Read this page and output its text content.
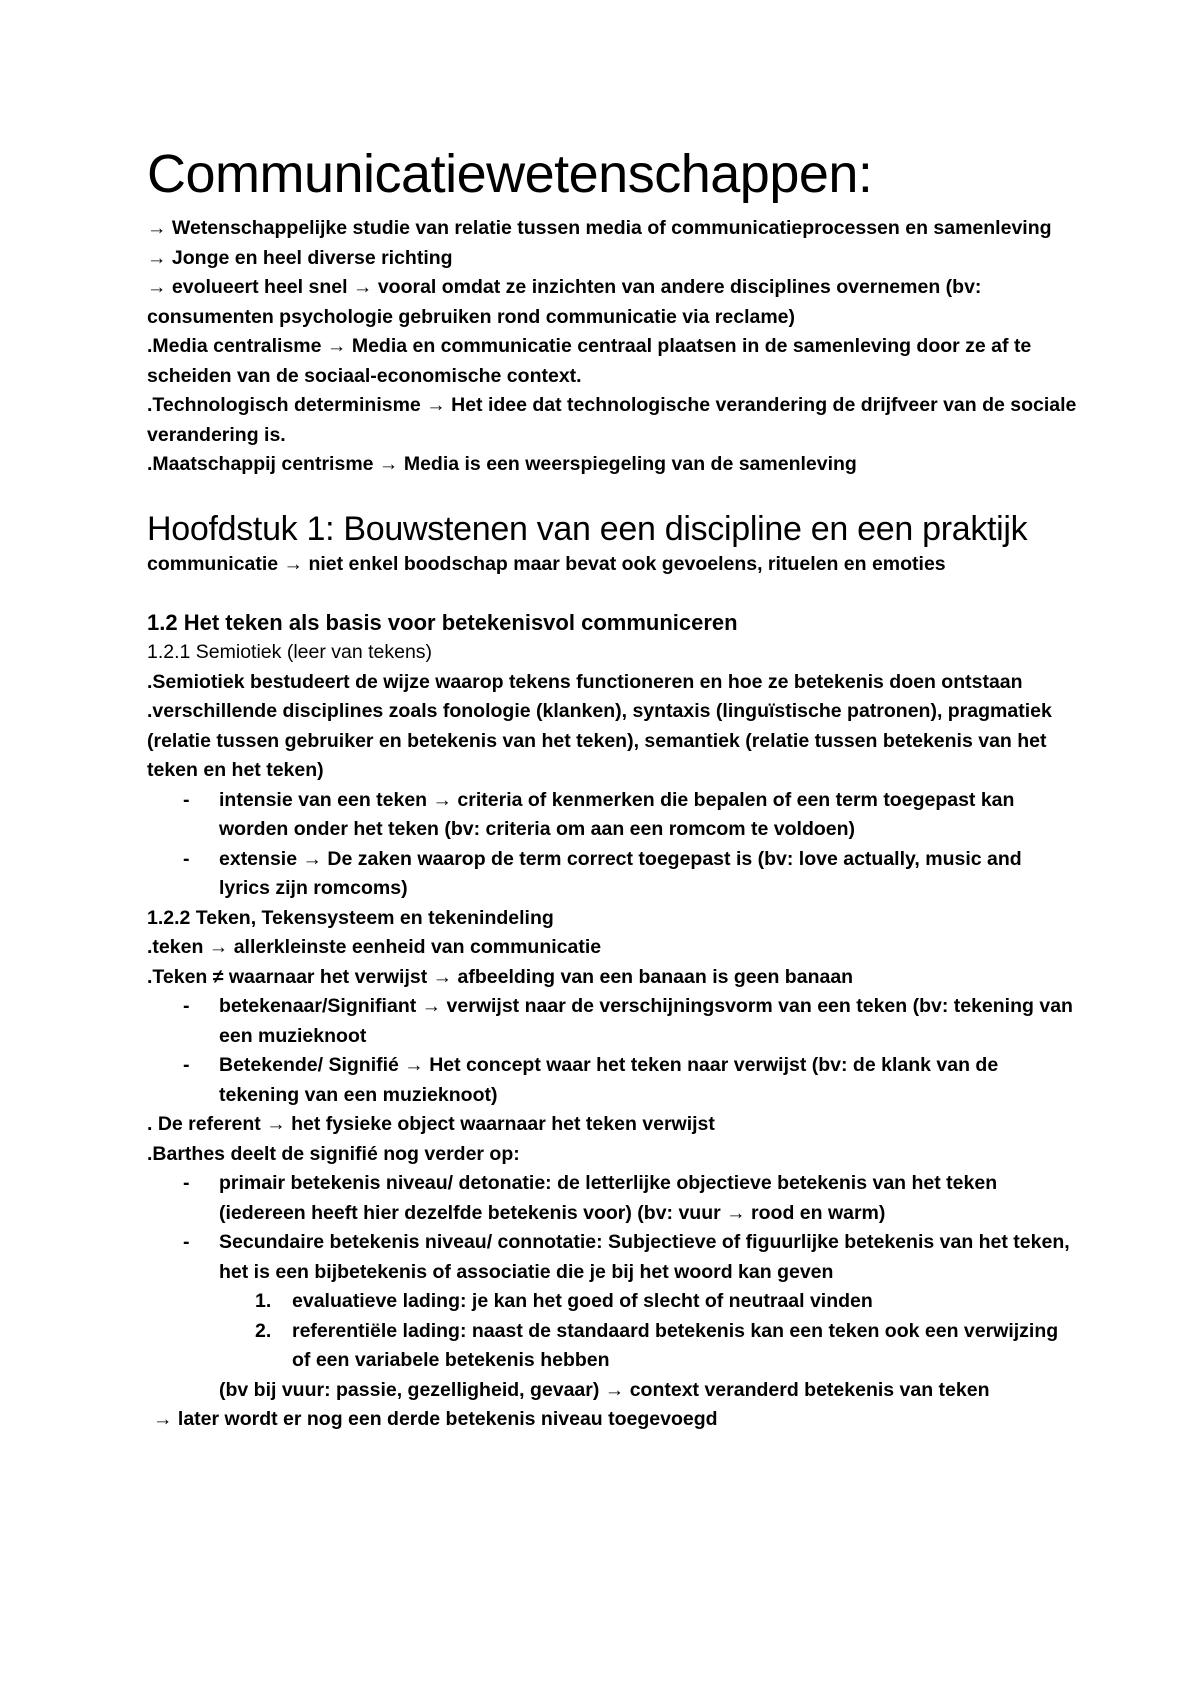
Communicatiewetenschappen:

→ Wetenschappelijke studie van relatie tussen media of communicatieprocessen en samenleving

→ Jonge en heel diverse richting

→ evolueert heel snel → vooral omdat ze inzichten van andere disciplines overnemen (bv: consumenten psychologie gebruiken rond communicatie via reclame)

.Media centralisme → Media en communicatie centraal plaatsen in de samenleving door ze af te scheiden van de sociaal-economische context.

.Technologisch determinisme → Het idee dat technologische verandering de drijfveer van de sociale verandering is.

.Maatschappij centrisme → Media is een weerspiegeling van de samenleving

Hoofdstuk 1: Bouwstenen van een discipline en een praktijk

communicatie → niet enkel boodschap maar bevat ook gevoelens, rituelen en emoties

1.2 Het teken als basis voor betekenisvol communiceren

1.2.1 Semiotiek (leer van tekens)

.Semiotiek bestudeert de wijze waarop tekens functioneren en hoe ze betekenis doen ontstaan

.verschillende disciplines zoals fonologie (klanken), syntaxis (linguïstische patronen), pragmatiek (relatie tussen gebruiker en betekenis van het teken), semantiek (relatie tussen betekenis van het teken en het teken)

- intensie van een teken → criteria of kenmerken die bepalen of een term toegepast kan worden onder het teken (bv: criteria om aan een romcom te voldoen)
- extensie → De zaken waarop de term correct toegepast is (bv: love actually, music and lyrics zijn romcoms)

1.2.2 Teken, Tekensysteem en tekenindeling

.teken → allerkleinste eenheid van communicatie

.Teken ≠ waarnaar het verwijst → afbeelding van een banaan is geen banaan

- betekenaar/Signifiant → verwijst naar de verschijningsvorm van een teken (bv: tekening van een muzieknoot
- Betekende/ Signifié → Het concept waar het teken naar verwijst (bv: de klank van de tekening van een muzieknoot)

. De referent → het fysieke object waarnaar het teken verwijst

.Barthes deelt de signifié nog verder op:

- primair betekenis niveau/ detonatie: de letterlijke objectieve betekenis van het teken (iedereen heeft hier dezelfde betekenis voor) (bv: vuur → rood en warm)
- Secundaire betekenis niveau/ connotatie: Subjectieve of figuurlijke betekenis van het teken, het is een bijbetekenis of associatie die je bij het woord kan geven
1. evaluatieve lading: je kan het goed of slecht of neutraal vinden
2. referentiële lading: naast de standaard betekenis kan een teken ook een verwijzing of een variabele betekenis hebben

(bv bij vuur: passie, gezelligheid, gevaar) → context veranderd betekenis van teken

→ later wordt er nog een derde betekenis niveau toegevoegd
